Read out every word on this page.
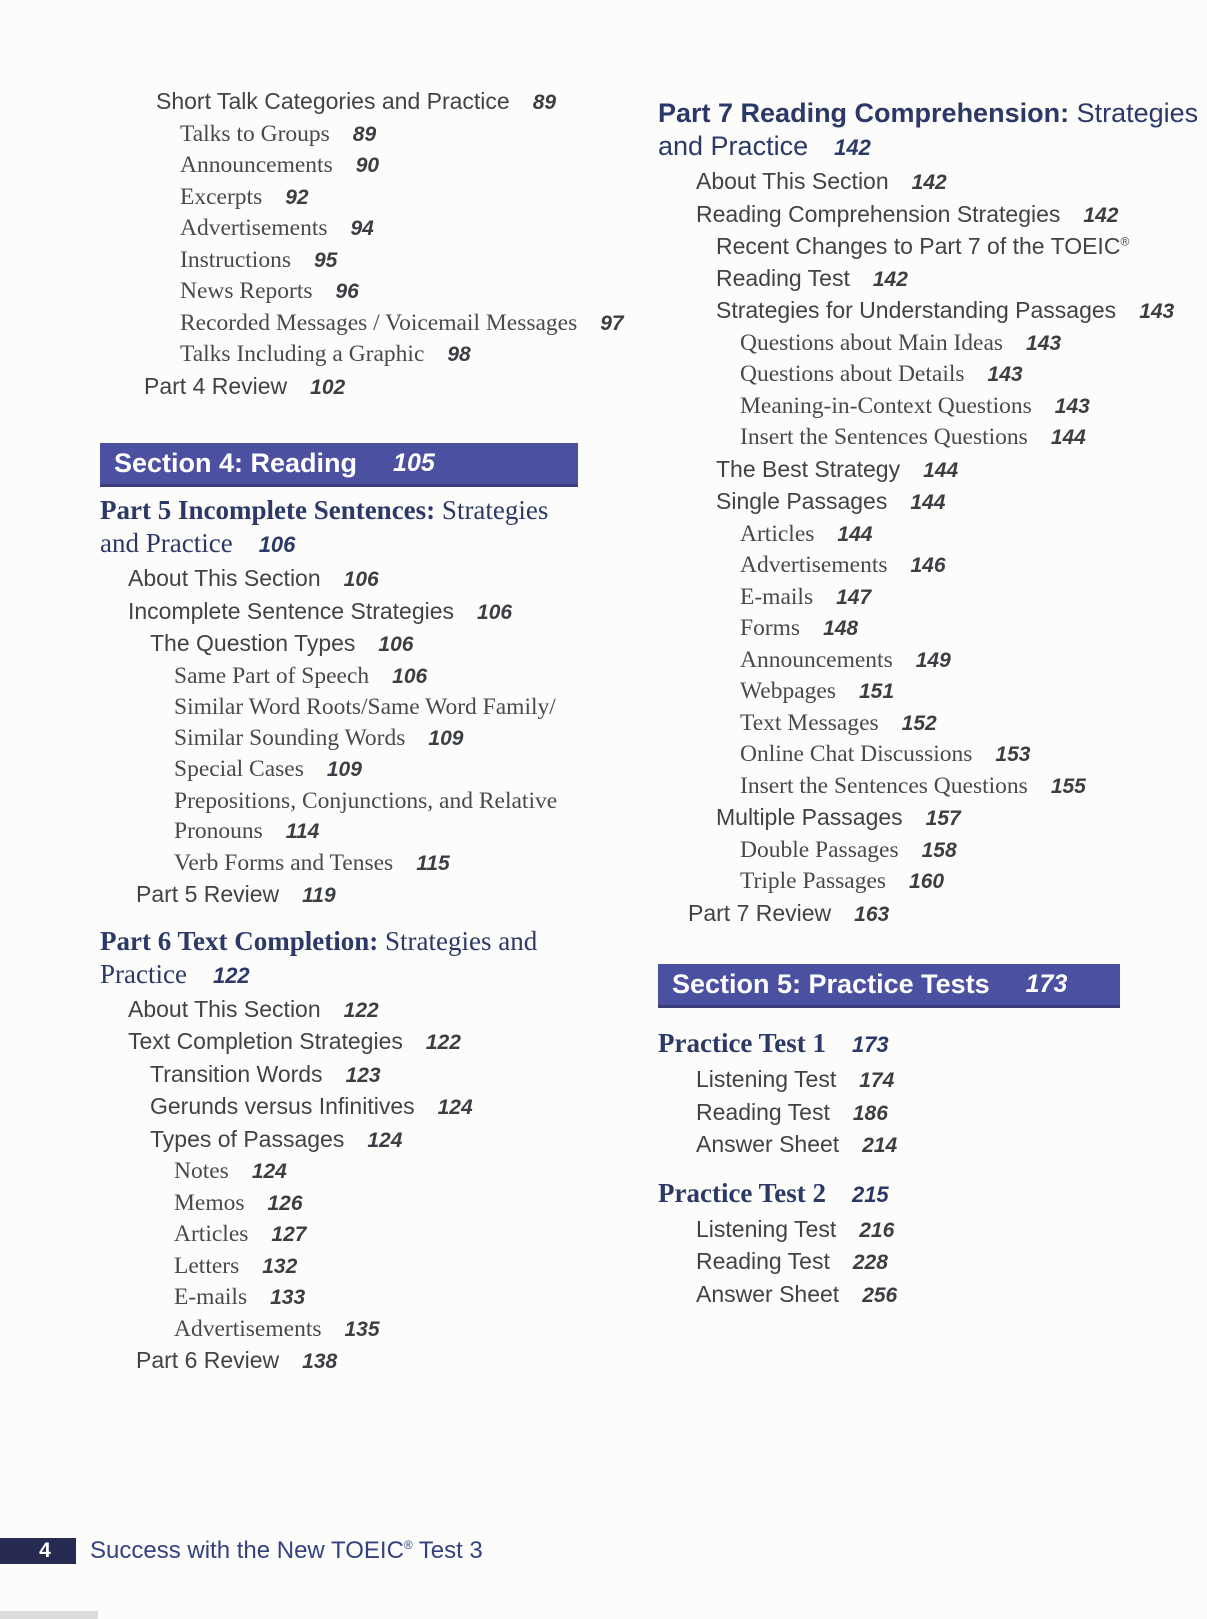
Short Talk Categories and Practice 89
Talks to Groups 89
Announcements 90
Excerpts 92
Advertisements 94
Instructions 95
News Reports 96
Recorded Messages / Voicemail Messages 97
Talks Including a Graphic 98
Part 4 Review 102
Section 4: Reading 105
Part 5 Incomplete Sentences: Strategies
and Practice 106
About This Section 106
Incomplete Sentence Strategies 106
The Question Types 106
Same Part of Speech 106
Similar Word Roots/Same Word Family/
Similar Sounding Words 109
Special Cases 109
Prepositions, Conjunctions, and Relative
Pronouns 114
Verb Forms and Tenses 115
Part 5 Review 119
Part 6 Text Completion: Strategies and
Practice 122
About This Section 122
Text Completion Strategies 122
Transition Words 123
Gerunds versus Infinitives 124
Types of Passages 124
Notes 124
Memos 126
Articles 127
Letters 132
E-mails 133
Advertisements 135
Part 6 Review 138
Part 7 Reading Comprehension: Strategies
and Practice 142
About This Section 142
Reading Comprehension Strategies 142
Recent Changes to Part 7 of the TOEIC®
Reading Test 142
Strategies for Understanding Passages 143
Questions about Main Ideas 143
Questions about Details 143
Meaning-in-Context Questions 143
Insert the Sentences Questions 144
The Best Strategy 144
Single Passages 144
Articles 144
Advertisements 146
E-mails 147
Forms 148
Announcements 149
Webpages 151
Text Messages 152
Online Chat Discussions 153
Insert the Sentences Questions 155
Multiple Passages 157
Double Passages 158
Triple Passages 160
Part 7 Review 163
Section 5: Practice Tests 173
Practice Test 1 173
Listening Test 174
Reading Test 186
Answer Sheet 214
Practice Test 2 215
Listening Test 216
Reading Test 228
Answer Sheet 256
4 Success with the New TOEIC® Test 3
